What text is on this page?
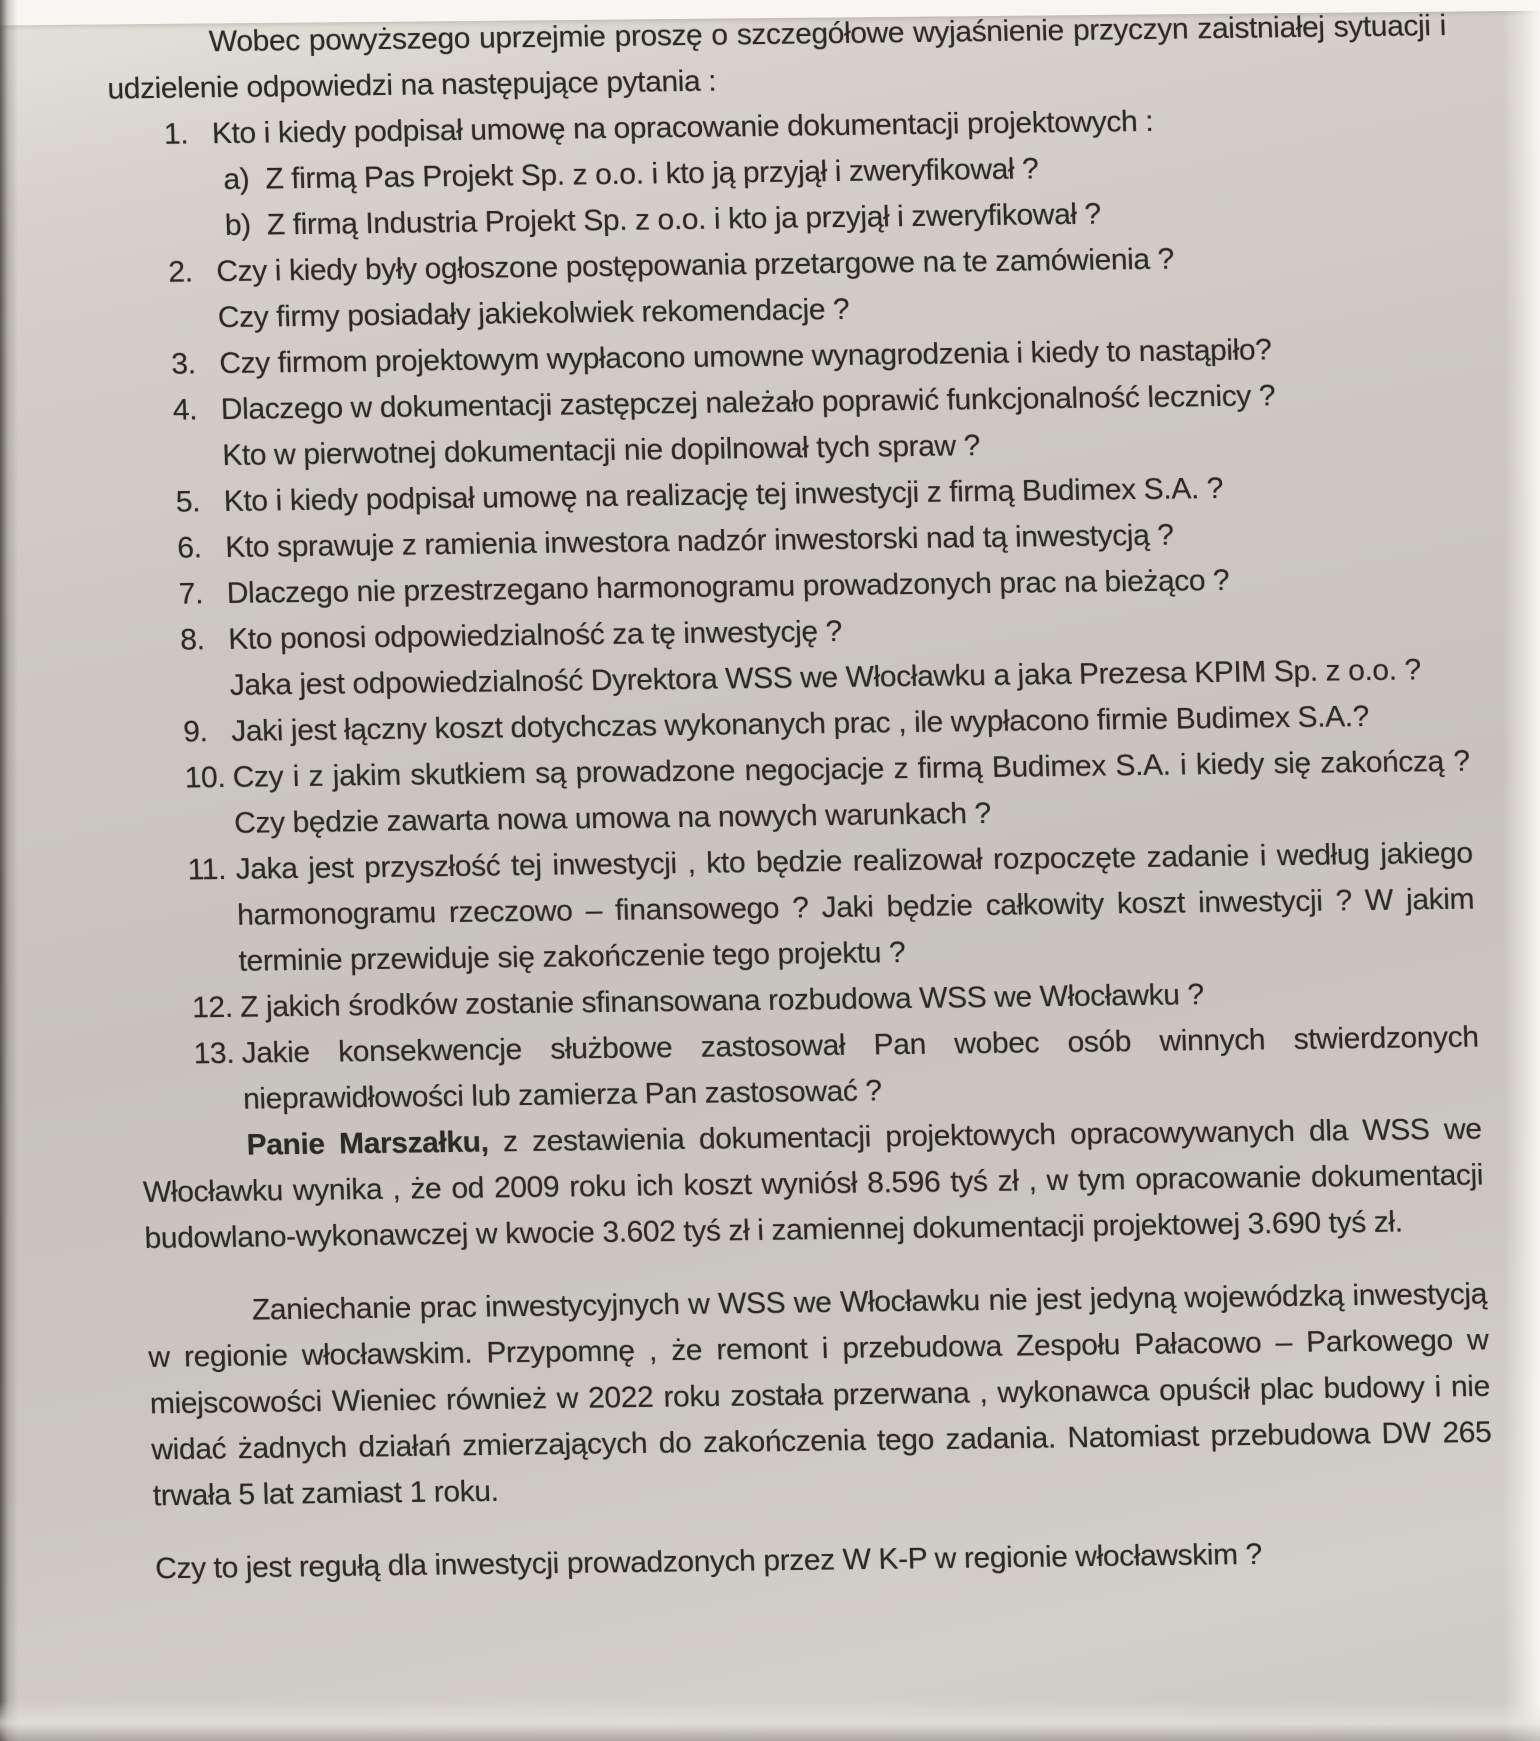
Wobec powyższego uprzejmie proszę o szczegółowe wyjaśnienie przyczyn zaistniałej sytuacji i udzielenie odpowiedzi na następujące pytania :

1. Kto i kiedy podpisał umowę na opracowanie dokumentacji projektowych :
a) Z firmą Pas Projekt Sp. z o.o. i kto ją przyjął i zweryfikował ?
b) Z firmą Industria Projekt Sp. z o.o. i kto ja przyjął i zweryfikował ?
2. Czy i kiedy były ogłoszone postępowania przetargowe na te zamówienia ?
Czy firmy posiadały jakiekolwiek rekomendacje ?
3. Czy firmom projektowym wypłacono umowne wynagrodzenia i kiedy to nastąpiło?
4. Dlaczego w dokumentacji zastępczej należało poprawić funkcjonalność lecznicy ?
Kto w pierwotnej dokumentacji nie dopilnował tych spraw ?
5. Kto i kiedy podpisał umowę na realizację tej inwestycji z firmą Budimex S.A. ?
6. Kto sprawuje z ramienia inwestora nadzór inwestorski nad tą inwestycją ?
7. Dlaczego nie przestrzegano harmonogramu prowadzonych prac na bieżąco ?
8. Kto ponosi odpowiedzialność za tę inwestycję ?
Jaka jest odpowiedzialność Dyrektora WSS we Włocławku a jaka Prezesa KPIM Sp. z o.o. ?
9. Jaki jest łączny koszt dotychczas wykonanych prac , ile wypłacono firmie Budimex S.A.?
10. Czy i z jakim skutkiem są prowadzone negocjacje z firmą Budimex S.A. i kiedy się zakończą ? Czy będzie zawarta nowa umowa na nowych warunkach ?
11. Jaka jest przyszłość tej inwestycji , kto będzie realizował rozpoczęte zadanie i według jakiego harmonogramu rzeczowo – finansowego ? Jaki będzie całkowity koszt inwestycji ? W jakim terminie przewiduje się zakończenie tego projektu ?
12. Z jakich środków zostanie sfinansowana rozbudowa WSS we Włocławku ?
13. Jakie konsekwencje służbowe zastosował Pan wobec osób winnych stwierdzonych nieprawidłowości lub zamierza Pan zastosować ?

Panie Marszałku, z zestawienia dokumentacji projektowych opracowywanych dla WSS we Włocławku wynika , że od 2009 roku ich koszt wyniósł 8.596 tyś zł , w tym opracowanie dokumentacji budowlano-wykonawczej w kwocie 3.602 tyś zł i zamiennej dokumentacji projektowej 3.690 tyś zł.

Zaniechanie prac inwestycyjnych w WSS we Włocławku nie jest jedyną wojewódzką inwestycją w regionie włocławskim. Przypomnę , że remont i przebudowa Zespołu Pałacowo – Parkowego w miejscowości Wieniec również w 2022 roku została przerwana , wykonawca opuścił plac budowy i nie widać żadnych działań zmierzających do zakończenia tego zadania. Natomiast przebudowa DW 265 trwała 5 lat zamiast 1 roku.

Czy to jest regułą dla inwestycji prowadzonych przez W K-P w regionie włocławskim ?
